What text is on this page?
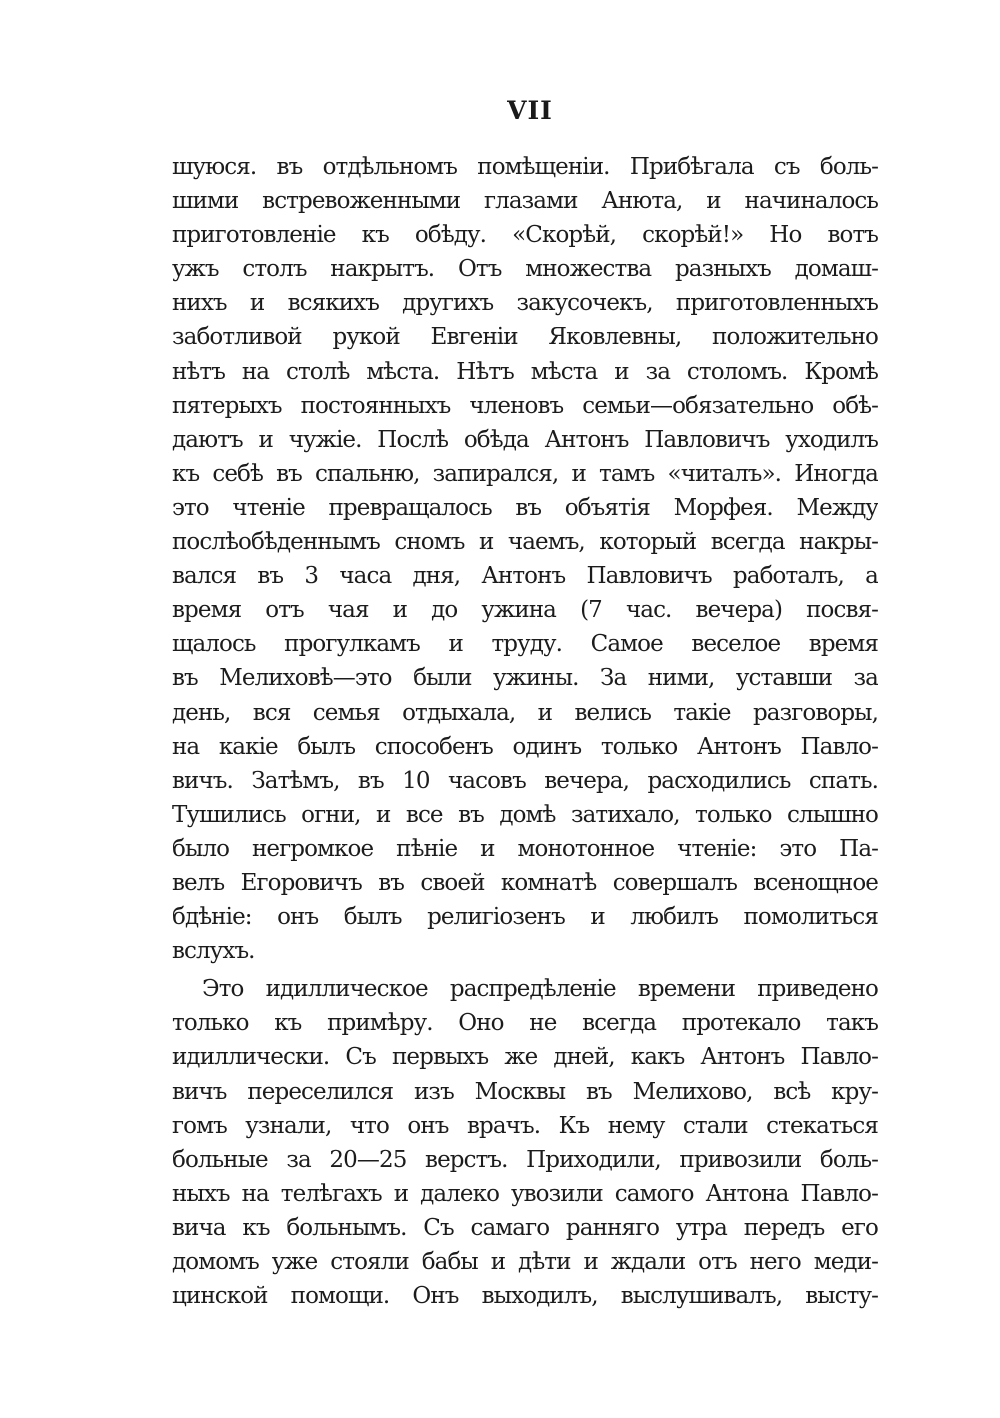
VII
шуюся. въ отдѣльномъ помѣщеніи. Прибѣгала съ боль-
шими встревоженными глазами Анюта, и начиналось
приготовленіе къ обѣду. «Скорѣй, скорѣй!» Но вотъ
ужъ столъ накрытъ. Отъ множества разныхъ домаш-
нихъ и всякихъ другихъ закусочекъ, приготовленныхъ
заботливой рукой Евгеніи Яковлевны, положительно
нѣтъ на столѣ мѣста. Нѣтъ мѣста и за столомъ. Кромѣ
пятерыхъ постоянныхъ членовъ семьи—обязательно обѣ-
даютъ и чужіе. Послѣ обѣда Антонъ Павловичъ уходилъ
къ себѣ въ спальню, запирался, и тамъ «читалъ». Иногда
это чтеніе превращалось въ объятія Морфея. Между
послѣобѣденнымъ сномъ и чаемъ, который всегда накры-
вался въ 3 часа дня, Антонъ Павловичъ работалъ, а
время отъ чая и до ужина (7 час. вечера) посвя-
щалось прогулкамъ и труду. Самое веселое время
въ Мелиховѣ—это были ужины. За ними, уставши за
день, вся семья отдыхала, и велись такіе разговоры,
на какіе былъ способенъ одинъ только Антонъ Павло-
вичъ. Затѣмъ, въ 10 часовъ вечера, расходились спать.
Тушились огни, и все въ домѣ затихало, только слышно
было негромкое пѣніе и монотонное чтеніе: это Па-
велъ Егоровичъ въ своей комнатѣ совершалъ всенощное
бдѣніе: онъ былъ религіозенъ и любилъ помолиться
вслухъ.
Это идиллическое распредѣленіе времени приведено
только къ примѣру. Оно не всегда протекало такъ
идиллически. Съ первыхъ же дней, какъ Антонъ Павло-
вичъ переселился изъ Москвы въ Мелихово, всѣ кру-
гомъ узнали, что онъ врачъ. Къ нему стали стекаться
больные за 20—25 верстъ. Приходили, привозили боль-
ныхъ на телѣгахъ и далеко увозили самого Антона Павло-
вича къ больнымъ. Съ самаго ранняго утра передъ его
домомъ уже стояли бабы и дѣти и ждали отъ него меди-
цинской помощи. Онъ выходилъ, выслушивалъ, высту-
